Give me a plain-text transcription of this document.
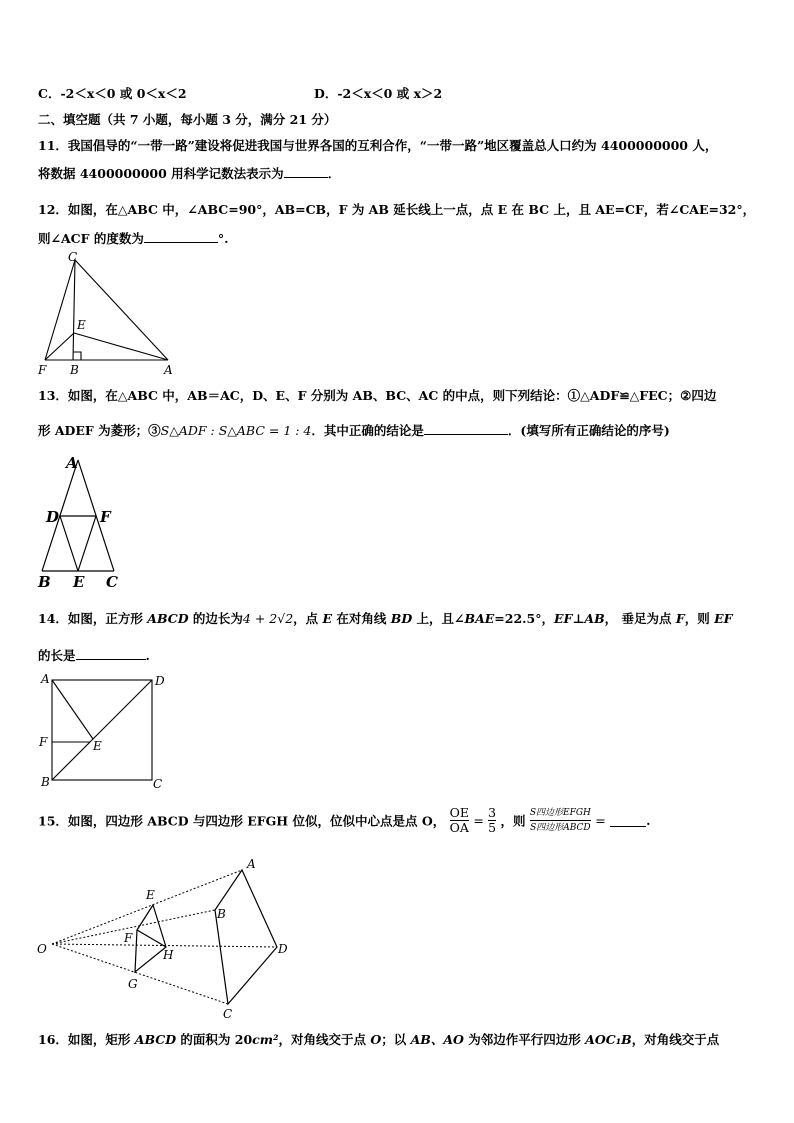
C．-2＜x＜0 或 0＜x＜2	D．-2＜x＜0 或 x＞2
二、填空题（共 7 小题，每小题 3 分，满分 21 分）
11．我国倡导的“一带一路”建设将促进我国与世界各国的互利合作，“一带一路”地区覆盖总人口约为 4400000000 人，
将数据 4400000000 用科学记数法表示为	．
12．如图，在△ABC 中，∠ABC=90°，AB=CB，F 为 AB 延长线上一点，点 E 在 BC 上，且 AE=CF，若∠CAE=32°，
则∠ACF 的度数为	°.
C
E
F B	A
13．如图，在△ABC 中，AB＝AC，D、E、F 分别为 AB、BC、AC 的中点，则下列结论：①△ADF≌△FEC；②四边
形 ADEF 为菱形；③S△ADF : S△ABC = 1 : 4．其中正确的结论是	．(填写所有正确结论的序号)
A
D	F
B E C
14．如图，正方形 ABCD 的边长为4 + 2√2，点 E 在对角线 BD 上，且∠BAE=22.5°，EF⊥AB， 垂足为点 F，则 EF
的长是	.
A	D
F	E
B	C
15．如图，四边形 ABCD 与四边形 EFGH 位似，位似中心点是点 O， $\frac{OE}{OA} = \frac{3}{5}$ ，则 $\frac{\text{S四边形EFGH}}{\text{S四边形ABCD}}$ =	.
A
E
B
F
O	H	D
G
C
16．如图，矩形 ABCD 的面积为 20cm²，对角线交于点 O；以 AB、AO 为邻边作平行四边形 AOC₁B，对角线交于点
